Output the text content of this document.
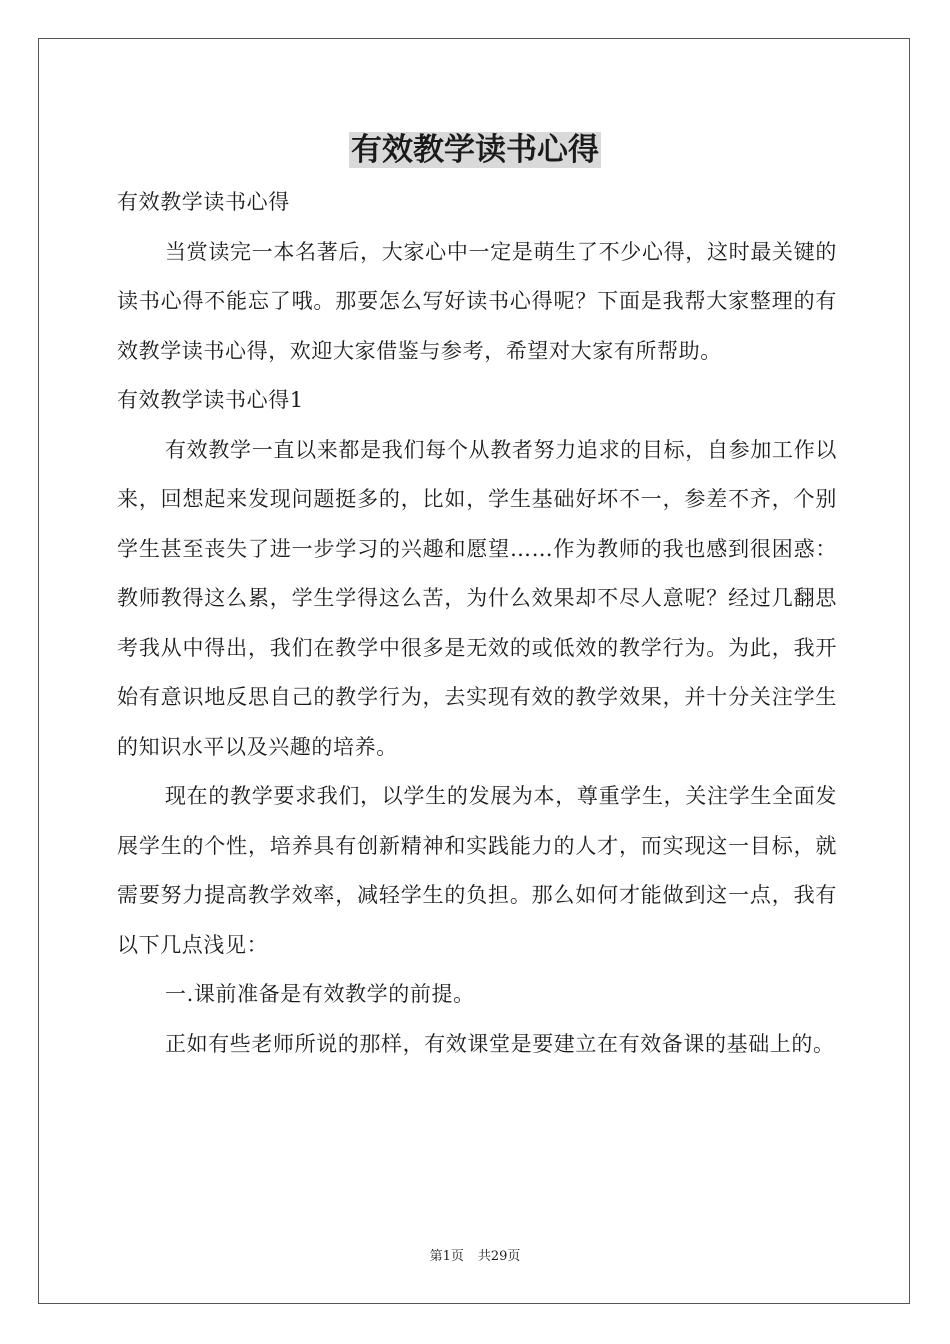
有效教学读书心得

有效教学读书心得

当赏读完一本名著后，大家心中一定是萌生了不少心得，这时最关键的读书心得不能忘了哦。那要怎么写好读书心得呢？下面是我帮大家整理的有效教学读书心得，欢迎大家借鉴与参考，希望对大家有所帮助。

有效教学读书心得1

有效教学一直以来都是我们每个从教者努力追求的目标，自参加工作以来，回想起来发现问题挺多的，比如，学生基础好坏不一，参差不齐，个别学生甚至丧失了进一步学习的兴趣和愿望……作为教师的我也感到很困惑：教师教得这么累，学生学得这么苦，为什么效果却不尽人意呢？经过几翻思考我从中得出，我们在教学中很多是无效的或低效的教学行为。为此，我开始有意识地反思自己的教学行为，去实现有效的教学效果，并十分关注学生的知识水平以及兴趣的培养。

现在的教学要求我们，以学生的发展为本，尊重学生，关注学生全面发展学生的个性，培养具有创新精神和实践能力的人才，而实现这一目标，就需要努力提高教学效率，减轻学生的负担。那么如何才能做到这一点，我有以下几点浅见：

一.课前准备是有效教学的前提。

正如有些老师所说的那样，有效课堂是要建立在有效备课的基础上的。

第1页 共29页
